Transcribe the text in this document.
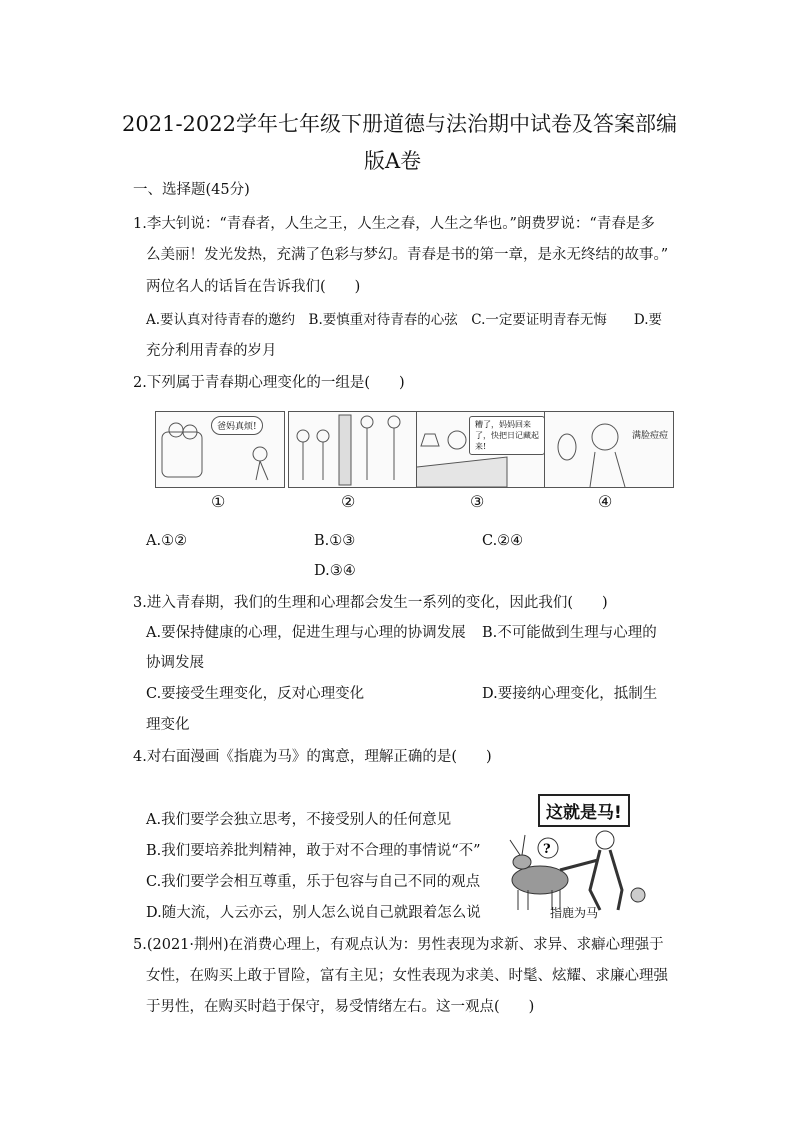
2021-2022学年七年级下册道德与法治期中试卷及答案部编
版A卷
一、选择题(45分)
1.李大钊说：“青春者，人生之王，人生之春，人生之华也。”朗费罗说：“青春是多
么美丽！发光发热，充满了色彩与梦幻。青春是书的第一章，是永无终结的故事。”
两位名人的话旨在告诉我们(　　)
A.要认真对待青春的邀约　B.要慎重对待青春的心弦　C.一定要证明青春无悔　　D.要
充分利用青春的岁月
2.下列属于青春期心理变化的一组是(　　)
爸妈真烦!	糟了，妈妈回来了，快把日记藏起来!
满脸痘痘
①	②	③	④
A.①②	B.①③	C.②④
D.③④
3.进入青春期，我们的生理和心理都会发生一系列的变化，因此我们(　　)
A.要保持健康的心理，促进生理与心理的协调发展 B.不可能做到生理与心理的
协调发展
C.要接受生理变化，反对心理变化	D.要接纳心理变化，抵制生
理变化
4.对右面漫画《指鹿为马》的寓意，理解正确的是(　　)
A.我们要学会独立思考，不接受别人的任何意见
B.我们要培养批判精神，敢于对不合理的事情说“不”
C.我们要学会相互尊重，乐于包容与自己不同的观点
D.随大流，人云亦云，别人怎么说自己就跟着怎么说
?
这就是马!
指鹿为马
5.(2021·荆州)在消费心理上，有观点认为：男性表现为求新、求异、求癖心理强于
女性，在购买上敢于冒险，富有主见；女性表现为求美、时髦、炫耀、求廉心理强
于男性，在购买时趋于保守，易受情绪左右。这一观点(　　)
